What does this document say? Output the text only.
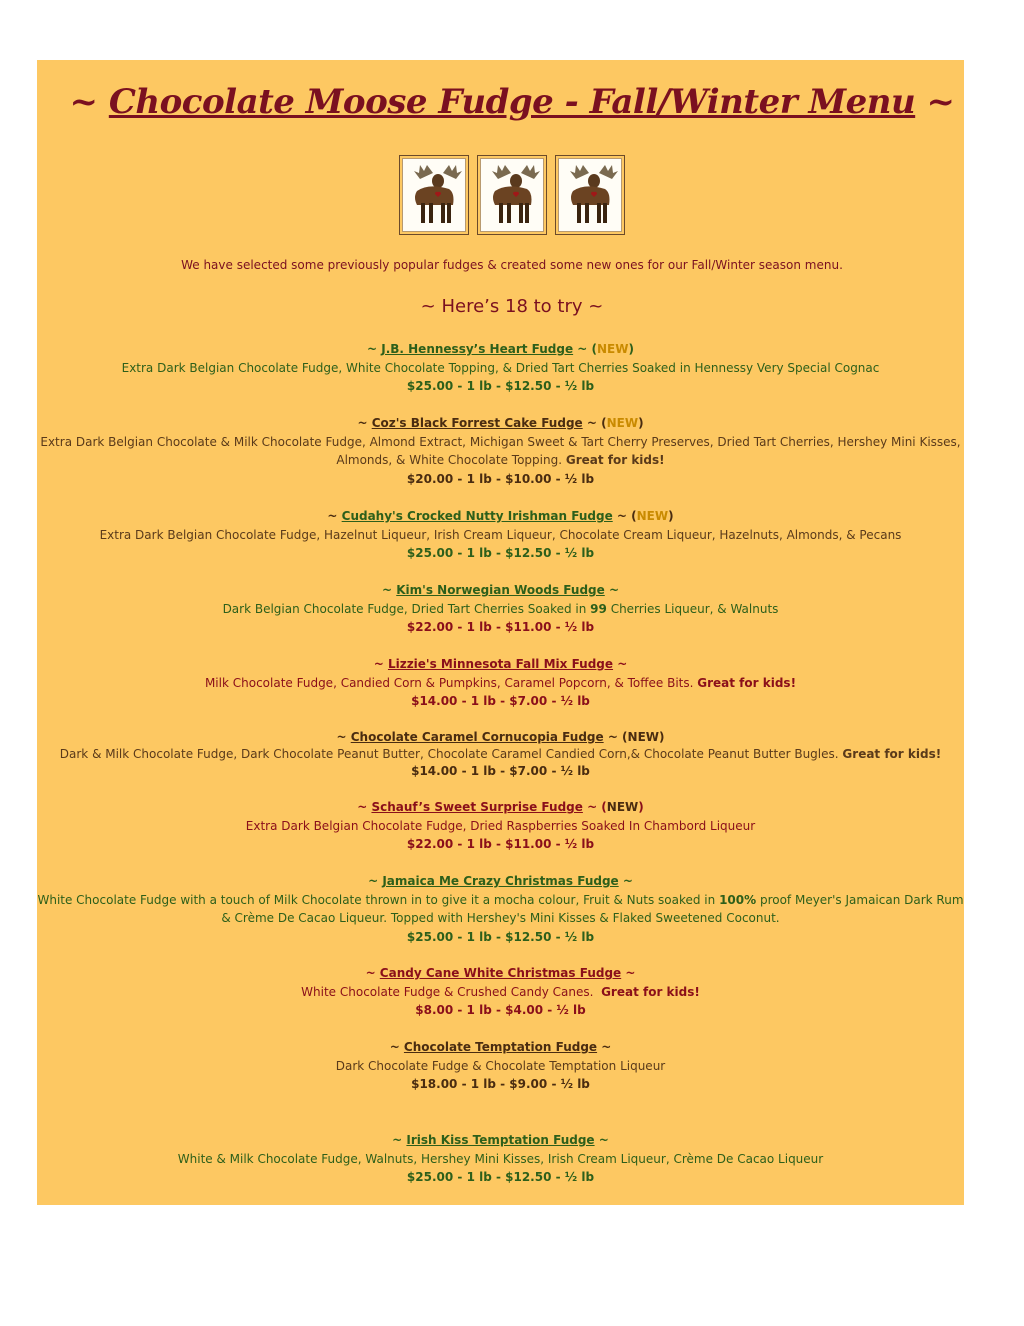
~ Chocolate Moose Fudge - Fall/Winter Menu ~
We have selected some previously popular fudges & created some new ones for our Fall/Winter season menu.
~ Here’s 18 to try ~
~ J.B. Hennessy’s Heart Fudge ~ (NEW)
Extra Dark Belgian Chocolate Fudge, White Chocolate Topping, & Dried Tart Cherries Soaked in Hennessy Very Special Cognac
$25.00 - 1 lb - $12.50 - ½ lb
~ Coz's Black Forrest Cake Fudge ~ (NEW)
Extra Dark Belgian Chocolate & Milk Chocolate Fudge, Almond Extract, Michigan Sweet & Tart Cherry Preserves, Dried Tart Cherries, Hershey Mini Kisses,
Almonds, & White Chocolate Topping. Great for kids!
$20.00 - 1 lb - $10.00 - ½ lb
~ Cudahy's Crocked Nutty Irishman Fudge ~ (NEW)
Extra Dark Belgian Chocolate Fudge, Hazelnut Liqueur, Irish Cream Liqueur, Chocolate Cream Liqueur, Hazelnuts, Almonds, & Pecans
$25.00 - 1 lb - $12.50 - ½ lb
~ Kim's Norwegian Woods Fudge ~
Dark Belgian Chocolate Fudge, Dried Tart Cherries Soaked in 99 Cherries Liqueur, & Walnuts
$22.00 - 1 lb - $11.00 - ½ lb
~ Lizzie's Minnesota Fall Mix Fudge ~
Milk Chocolate Fudge, Candied Corn & Pumpkins, Caramel Popcorn, & Toffee Bits. Great for kids!
$14.00 - 1 lb - $7.00 - ½ lb
~ Chocolate Caramel Cornucopia Fudge ~ (NEW)
Dark & Milk Chocolate Fudge, Dark Chocolate Peanut Butter, Chocolate Caramel Candied Corn,& Chocolate Peanut Butter Bugles. Great for kids!
$14.00 - 1 lb - $7.00 - ½ lb
~ Schauf’s Sweet Surprise Fudge ~ (NEW)
Extra Dark Belgian Chocolate Fudge, Dried Raspberries Soaked In Chambord Liqueur
$22.00 - 1 lb - $11.00 - ½ lb
~ Jamaica Me Crazy Christmas Fudge ~
White Chocolate Fudge with a touch of Milk Chocolate thrown in to give it a mocha colour, Fruit & Nuts soaked in 100% proof Meyer's Jamaican Dark Rum
& Crème De Cacao Liqueur. Topped with Hershey's Mini Kisses & Flaked Sweetened Coconut.
$25.00 - 1 lb - $12.50 - ½ lb
~ Candy Cane White Christmas Fudge ~
White Chocolate Fudge & Crushed Candy Canes. Great for kids!
$8.00 - 1 lb - $4.00 - ½ lb
~ Chocolate Temptation Fudge ~
Dark Chocolate Fudge & Chocolate Temptation Liqueur
$18.00 - 1 lb - $9.00 - ½ lb
~ Irish Kiss Temptation Fudge ~
White & Milk Chocolate Fudge, Walnuts, Hershey Mini Kisses, Irish Cream Liqueur, Crème De Cacao Liqueur
$25.00 - 1 lb - $12.50 - ½ lb
